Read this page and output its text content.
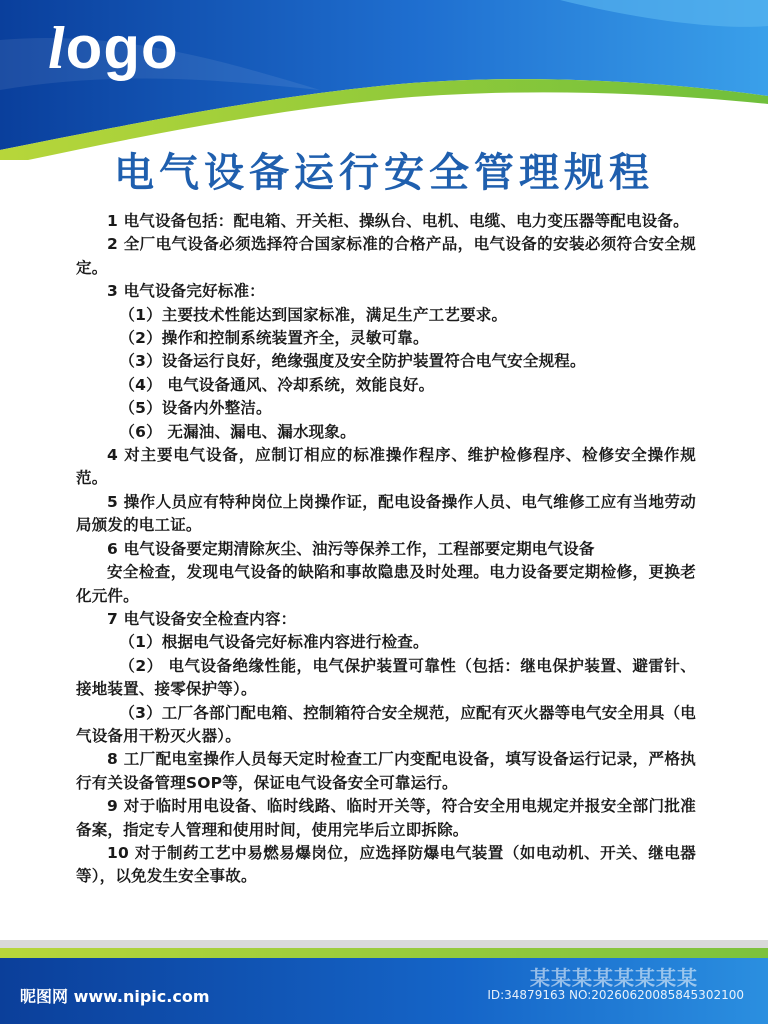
logo
电气设备运行安全管理规程

1 电气设备包括：配电箱、开关柜、操纵台、电机、电缆、电力变压器等配电设备。

2 全厂电气设备必须选择符合国家标准的合格产品，电气设备的安装必须符合安全规定。

3 电气设备完好标准：

（1）主要技术性能达到国家标准，满足生产工艺要求。

（2）操作和控制系统装置齐全，灵敏可靠。

（3）设备运行良好，绝缘强度及安全防护装置符合电气安全规程。

（4） 电气设备通风、冷却系统，效能良好。

（5）设备内外整洁。

（6） 无漏油、漏电、漏水现象。

4 对主要电气设备，应制订相应的标准操作程序、维护检修程序、检修安全操作规范。

5 操作人员应有特种岗位上岗操作证，配电设备操作人员、电气维修工应有当地劳动局颁发的电工证。

6 电气设备要定期清除灰尘、油污等保养工作，工程部要定期电气设备

安全检查，发现电气设备的缺陷和事故隐患及时处理。电力设备要定期检修，更换老化元件。

7 电气设备安全检查内容：

（1）根据电气设备完好标准内容进行检查。

（2） 电气设备绝缘性能，电气保护装置可靠性（包括：继电保护装置、避雷针、接地装置、接零保护等）。

（3）工厂各部门配电箱、控制箱符合安全规范，应配有灭火器等电气安全用具（电气设备用干粉灭火器）。

8 工厂配电室操作人员每天定时检查工厂内变配电设备，填写设备运行记录，严格执行有关设备管理SOP等，保证电气设备安全可靠运行。

9 对于临时用电设备、临时线路、临时开关等，符合安全用电规定并报安全部门批准备案，指定专人管理和使用时间，使用完毕后立即拆除。

10 对于制药工艺中易燃易爆岗位，应选择防爆电气装置（如电动机、开关、继电器等），以免发生安全事故。

某某某某某某某某
昵图网 www.nipic.com	ID:34879163 NO:20260620085845302100
